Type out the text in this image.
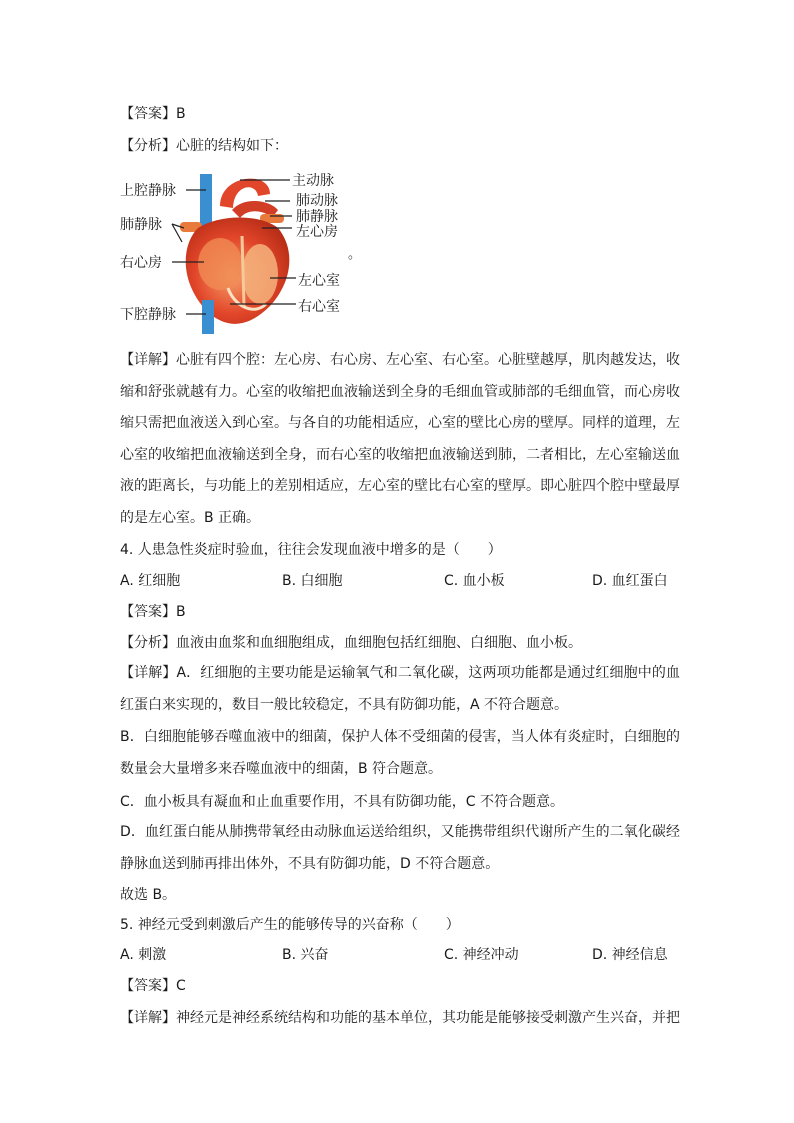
【答案】B
【分析】心脏的结构如下：
主动脉
肺动脉
肺静脉
左心房
上腔静脉
肺静脉
右心房
左心室
右心室
下腔静脉
。
【详解】心脏有四个腔：左心房、右心房、左心室、右心室。心脏壁越厚，肌肉越发达，收缩和舒张就越有力。心室的收缩把血液输送到全身的毛细血管或肺部的毛细血管，而心房收缩只需把血液送入到心室。与各自的功能相适应，心室的壁比心房的壁厚。同样的道理，左心室的收缩把血液输送到全身，而右心室的收缩把血液输送到肺，二者相比，左心室输送血液的距离长，与功能上的差别相适应，左心室的壁比右心室的壁厚。即心脏四个腔中壁最厚的是左心室。B 正确。
4. 人患急性炎症时验血，往往会发现血液中增多的是（　　）
A. 红细胞	B. 白细胞	C. 血小板	D. 血红蛋白
【答案】B
【分析】血液由血浆和血细胞组成，血细胞包括红细胞、白细胞、血小板。
【详解】A．红细胞的主要功能是运输氧气和二氧化碳，这两项功能都是通过红细胞中的血红蛋白来实现的，数目一般比较稳定，不具有防御功能，A 不符合题意。
B．白细胞能够吞噬血液中的细菌，保护人体不受细菌的侵害，当人体有炎症时，白细胞的数量会大量增多来吞噬血液中的细菌，B 符合题意。
C．血小板具有凝血和止血重要作用，不具有防御功能，C 不符合题意。
D．血红蛋白能从肺携带氧经由动脉血运送给组织，又能携带组织代谢所产生的二氧化碳经静脉血送到肺再排出体外，不具有防御功能，D 不符合题意。
故选 B。
5. 神经元受到刺激后产生的能够传导的兴奋称（　　）
A. 刺激	B. 兴奋	C. 神经冲动	D. 神经信息
【答案】C
【详解】神经元是神经系统结构和功能的基本单位，其功能是能够接受刺激产生兴奋，并把
